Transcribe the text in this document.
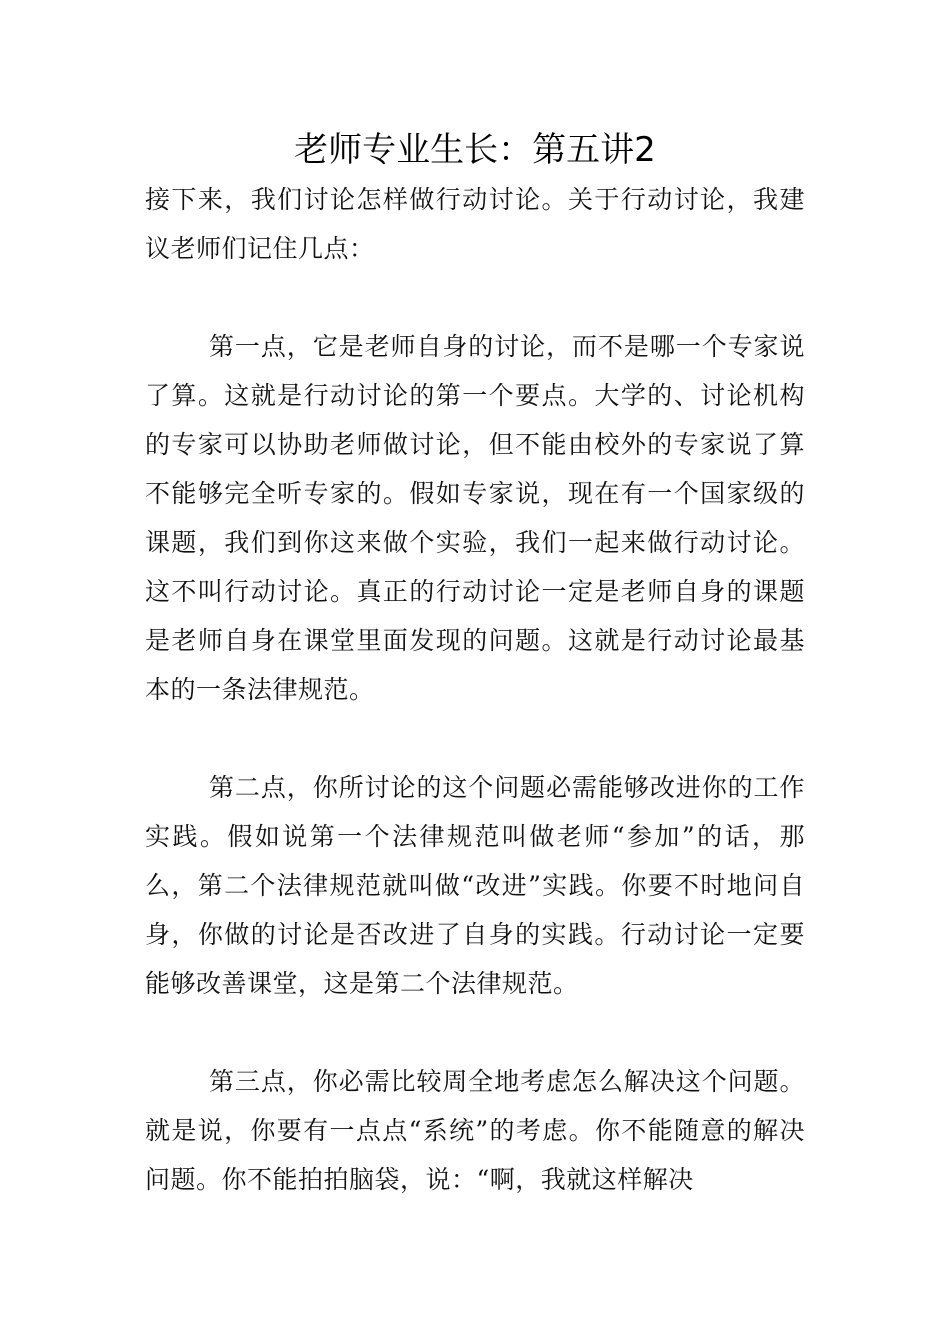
老师专业生长：第五讲2

接下来，我们讨论怎样做行动讨论。关于行动讨论，我建议老师们记住几点：

第一点，它是老师自身的讨论，而不是哪一个专家说了算。这就是行动讨论的第一个要点。大学的、讨论机构的专家可以协助老师做讨论，但不能由校外的专家说了算不能够完全听专家的。假如专家说，现在有一个国家级的课题，我们到你这来做个实验，我们一起来做行动讨论。这不叫行动讨论。真正的行动讨论一定是老师自身的课题是老师自身在课堂里面发现的问题。这就是行动讨论最基本的一条法律规范。

第二点，你所讨论的这个问题必需能够改进你的工作实践。假如说第一个法律规范叫做老师“参加”的话，那么，第二个法律规范就叫做“改进”实践。你要不时地问自身，你做的讨论是否改进了自身的实践。行动讨论一定要能够改善课堂，这是第二个法律规范。

第三点，你必需比较周全地考虑怎么解决这个问题。就是说，你要有一点点“系统”的考虑。你不能随意的解决问题。你不能拍拍脑袋，说：“啊，我就这样解决
